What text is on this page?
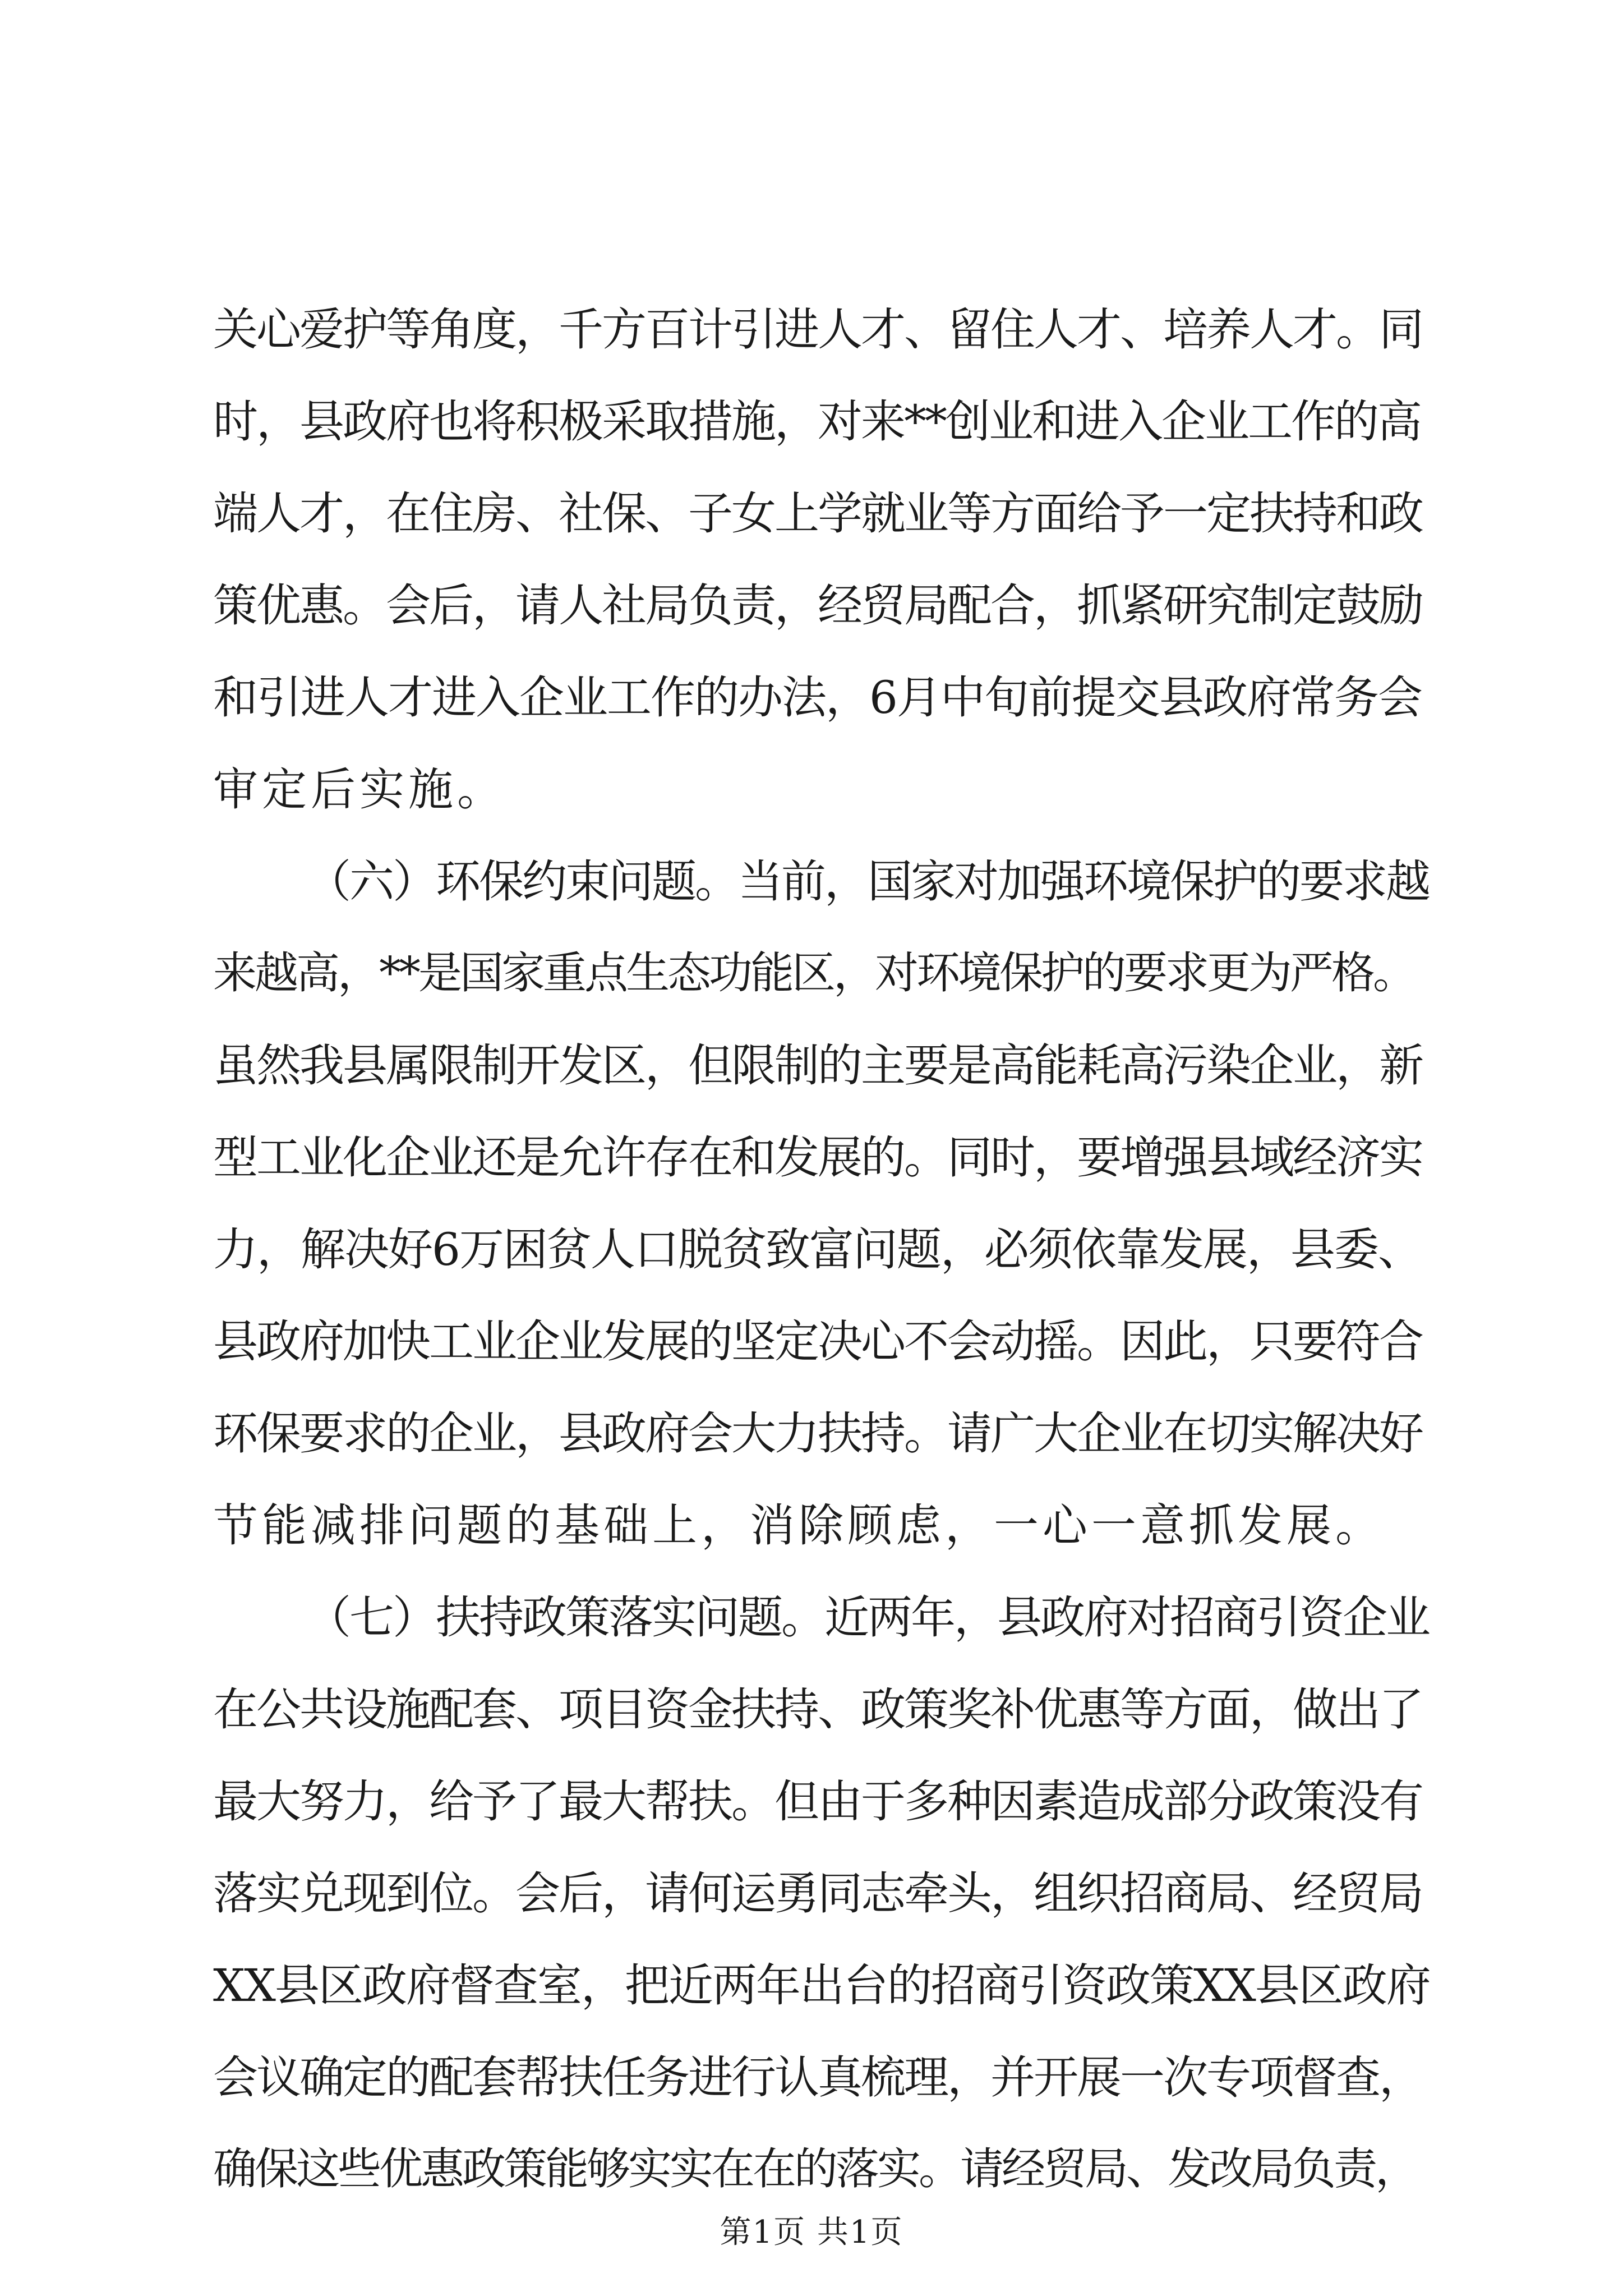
关心爱护等角度，千方百计引进人才、留住人才、培养人才。同
时，县政府也将积极采取措施，对来**创业和进入企业工作的高
端人才，在住房、社保、子女上学就业等方面给予一定扶持和政
策优惠。会后，请人社局负责，经贸局配合，抓紧研究制定鼓励
和引进人才进入企业工作的办法，6月中旬前提交县政府常务会
审定后实施。
（六）环保约束问题。当前，国家对加强环境保护的要求越
来越高，**是国家重点生态功能区，对环境保护的要求更为严格。
虽然我县属限制开发区，但限制的主要是高能耗高污染企业，新
型工业化企业还是允许存在和发展的。同时，要增强县域经济实
力，解决好6万困贫人口脱贫致富问题，必须依靠发展，县委、
县政府加快工业企业发展的坚定决心不会动摇。因此，只要符合
环保要求的企业，县政府会大力扶持。请广大企业在切实解决好
节能减排问题的基础上，消除顾虑，一心一意抓发展。
（七）扶持政策落实问题。近两年，县政府对招商引资企业
在公共设施配套、项目资金扶持、政策奖补优惠等方面，做出了
最大努力，给予了最大帮扶。但由于多种因素造成部分政策没有
落实兑现到位。会后，请何运勇同志牵头，组织招商局、经贸局
XX县区政府督查室，把近两年出台的招商引资政策XX县区政府
会议确定的配套帮扶任务进行认真梳理，并开展一次专项督查，
确保这些优惠政策能够实实在在的落实。请经贸局、发改局负责，
第1页 共1页
